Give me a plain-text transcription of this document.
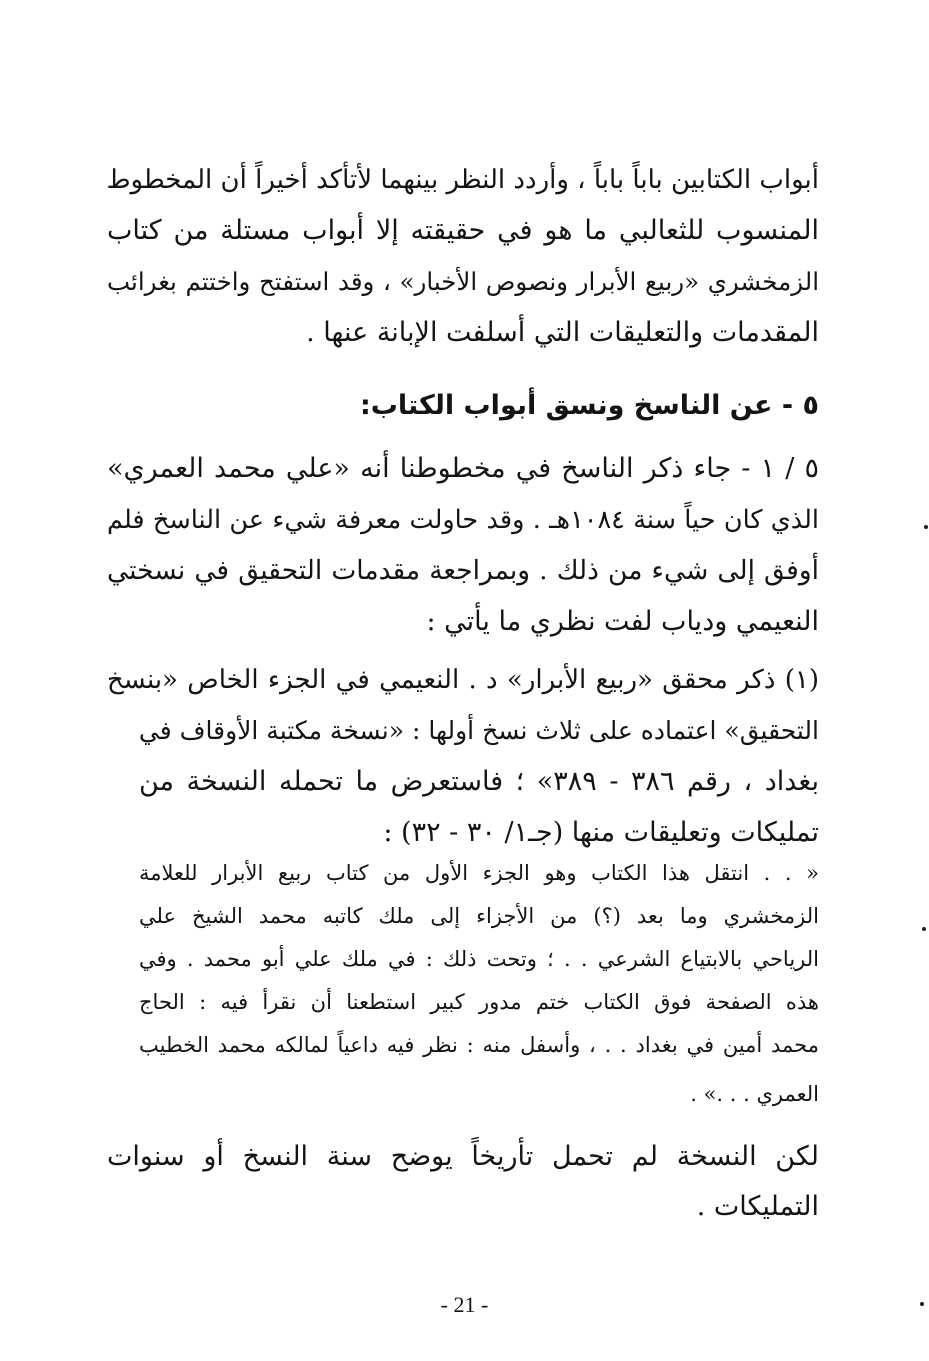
أبواب الكتابين باباً باباً ، وأردد النظر بينهما لأتأكد أخيراً أن المخطوط
المنسوب للثعالبي ما هو في حقيقته إلا أبواب مستلة من كتاب
الزمخشري «ربيع الأبرار ونصوص الأخبار» ، وقد استفتح واختتم بغرائب
المقدمات والتعليقات التي أسلفت الإبانة عنها .
٥ - عن الناسخ ونسق أبواب الكتاب:
٥ / ١ - جاء ذكر الناسخ في مخطوطنا أنه «علي محمد العمري»
الذي كان حياً سنة ١٠٨٤هـ . وقد حاولت معرفة شيء عن الناسخ فلم
أوفق إلى شيء من ذلك . وبمراجعة مقدمات التحقيق في نسختي
النعيمي ودياب لفت نظري ما يأتي :
(١) ذكر محقق «ربيع الأبرار» د . النعيمي في الجزء الخاص «بنسخ
التحقيق» اعتماده على ثلاث نسخ أولها : «نسخة مكتبة الأوقاف في
بغداد ، رقم ٣٨٦ - ٣٨٩» ؛ فاستعرض ما تحمله النسخة من
تمليكات وتعليقات منها (جـ١/ ٣٠ - ٣٢) :
« . . انتقل هذا الكتاب وهو الجزء الأول من كتاب ربيع الأبرار للعلامة
الزمخشري وما بعد (؟) من الأجزاء إلى ملك كاتبه محمد الشيخ علي
الرياحي بالابتياع الشرعي . . ؛ وتحت ذلك : في ملك علي أبو محمد . وفي
هذه الصفحة فوق الكتاب ختم مدور كبير استطعنا أن نقرأ فيه : الحاج
محمد أمين في بغداد . . ، وأسفل منه : نظر فيه داعياً لمالكه محمد الخطيب
العمري . . .» .
لكن النسخة لم تحمل تأريخاً يوضح سنة النسخ أو سنوات
التمليكات .
- 21 -
